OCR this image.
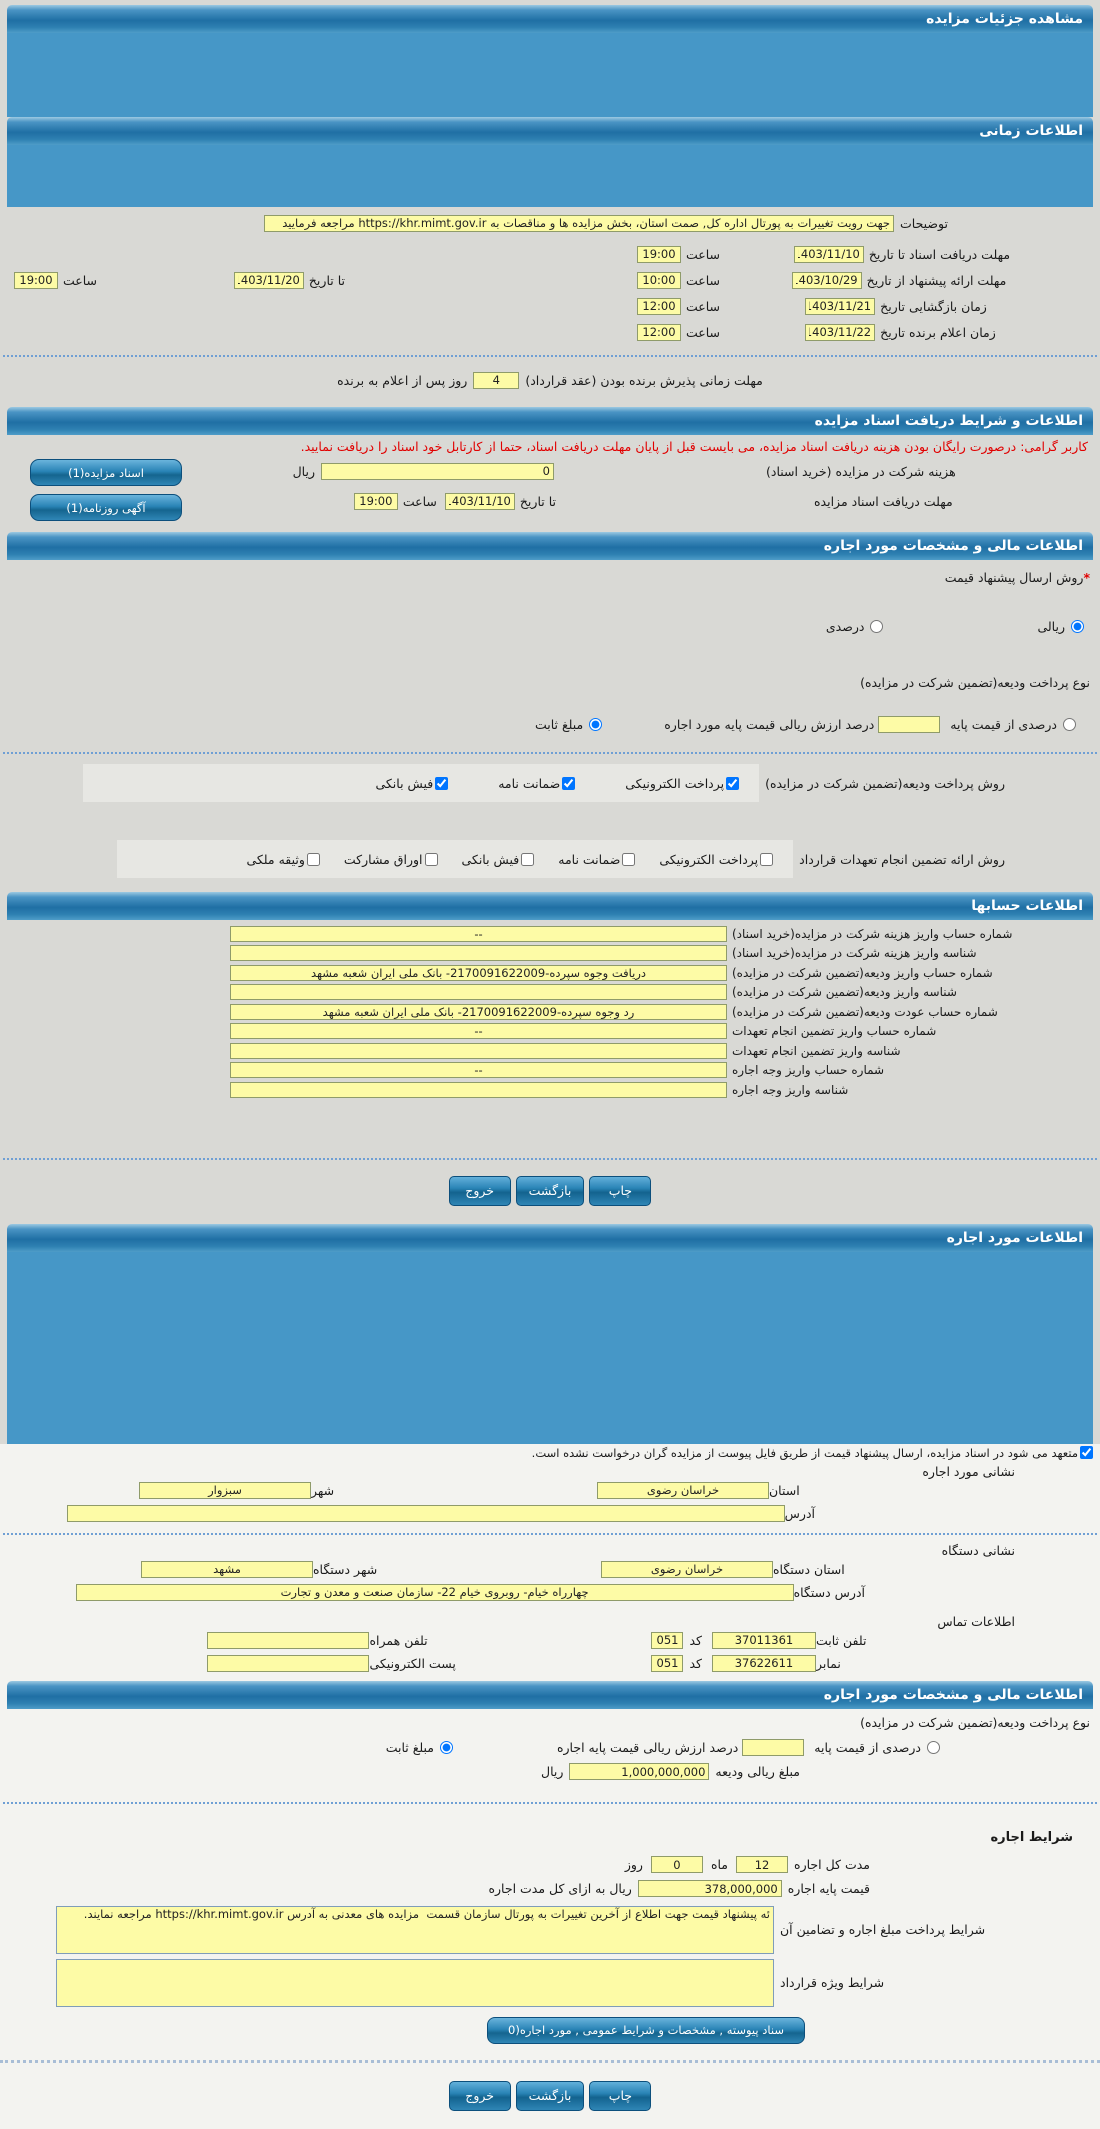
مشاهده جزئیات مزایده
اطلاعات زمانی
توضیحات
جهت رویت تغییرات به پورتال اداره کل, صمت استان، بخش مزایده ها و مناقصات به https://khr.mimt.gov.ir مراجعه فرمایید
مهلت دریافت اسناد
تا تاریخ
1403/11/10
ساعت
19:00
مهلت ارائه پیشنهاد
از تاریخ
1403/10/29
ساعت
10:00
تا تاریخ
1403/11/20
ساعت
19:00
زمان بازگشایی
تاریخ
1403/11/21
ساعت
12:00
زمان اعلام برنده
تاریخ
1403/11/22
ساعت
12:00
مهلت زمانی پذیرش برنده بودن (عقد قرارداد)
4
روز پس از اعلام به برنده
اطلاعات و شرایط دریافت اسناد مزایده
کاربر گرامی: درصورت رایگان بودن هزینه دریافت اسناد مزایده، می بایست قبل از پایان مهلت دریافت اسناد، حتما از کارتابل خود اسناد را دریافت نمایید.
هزینه شرکت در مزایده (خرید اسناد)
0
ریال
مهلت دریافت اسناد مزایده
تا تاریخ
1403/11/10
ساعت
19:00
اسناد مزایده(1)
آگهی روزنامه(1)
اطلاعات مالی و مشخصات مورد اجاره
*روش ارسال پیشنهاد قیمت
ریالی
درصدی
نوع پرداخت ودیعه(تضمین شرکت در مزایده)
درصدی از قیمت پایه
درصد ارزش ریالی قیمت پایه مورد اجاره
مبلغ ثابت
روش پرداخت ودیعه(تضمین شرکت در مزایده)
پرداخت الکترونیکی
ضمانت نامه
فیش بانکی
روش ارائه تضمین انجام تعهدات قرارداد
پرداخت الکترونیکی
ضمانت نامه
فیش بانکی
اوراق مشارکت
وثیقه ملکی
اطلاعات حسابها
شماره حساب واریز هزینه شرکت در مزایده(خرید اسناد)
--
شناسه واریز هزینه شرکت در مزایده(خرید اسناد)
شماره حساب واریز ودیعه(تضمین شرکت در مزایده)
دریافت وجوه سپرده-2170091622009- بانک ملی ایران شعبه مشهد
شناسه واریز ودیعه(تضمین شرکت در مزایده)
شماره حساب عودت ودیعه(تضمین شرکت در مزایده)
رد وجوه سپرده-2170091622009- بانک ملی ایران شعبه مشهد
شماره حساب واریز تضمین انجام تعهدات
--
شناسه واریز تضمین انجام تعهدات
شماره حساب واریز وجه اجاره
--
شناسه واریز وجه اجاره
چاپ
بازگشت
خروج
اطلاعات مورد اجاره
متعهد می شود در اسناد مزایده، ارسال پیشنهاد قیمت از طریق فایل پیوست از مزایده گران درخواست نشده است.
نشانی مورد اجاره
استان
خراسان رضوی
شهر
سبزوار
آدرس
نشانی دستگاه
استان دستگاه
خراسان رضوی
شهر دستگاه
مشهد
آدرس دستگاه
چهارراه خیام- روبروی خیام 22- سازمان صنعت و معدن و تجارت
اطلاعات تماس
تلفن ثابت
37011361
کد
051
تلفن همراه
نمابر
37622611
کد
051
پست الکترونیکی
اطلاعات مالی و مشخصات مورد اجاره
نوع پرداخت ودیعه(تضمین شرکت در مزایده)
درصدی از قیمت پایه
درصد ارزش ریالی قیمت پایه اجاره
مبلغ ثابت
مبلغ ریالی ودیعه
1,000,000,000
ریال
شرایط اجاره
مدت کل اجاره
12
ماه
0
روز
قیمت پایه اجاره
378,000,000
ریال به ازای کل مدت اجاره
شرایط پرداخت مبلغ اجاره و تضامین آن
ئه پیشنهاد قیمت جهت اطلاع از آخرین تغییرات به پورتال سازمان قسمت مزایده های معدنی به آدرس https://khr.mimt.gov.ir مراجعه نمایند.
شرایط ویژه قرارداد
سناد پیوسته , مشخصات و شرایط عمومی , مورد اجاره(0
چاپ
بازگشت
خروج
